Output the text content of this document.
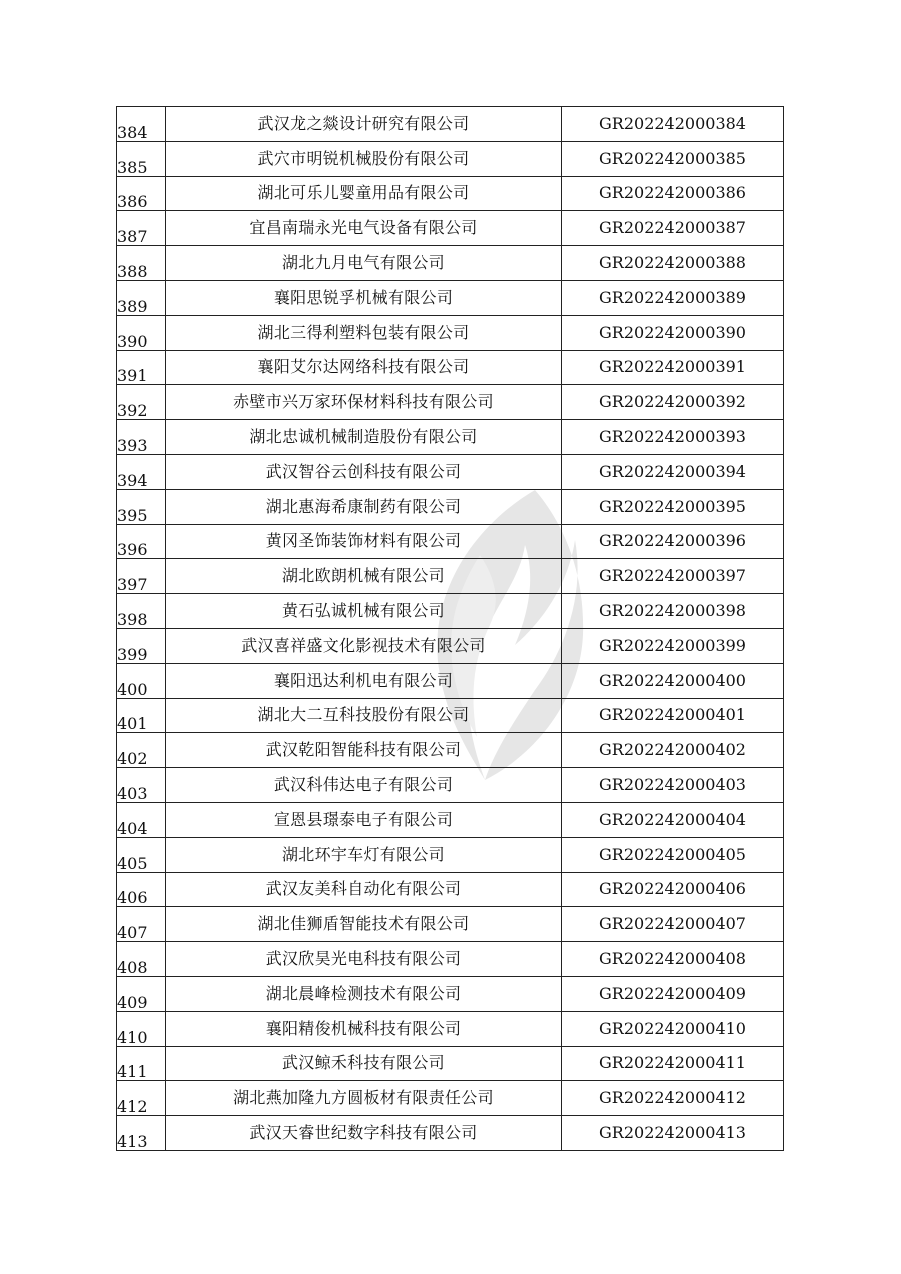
384	武汉龙之燚设计研究有限公司	GR202242000384
385	武穴市明锐机械股份有限公司	GR202242000385
386	湖北可乐儿婴童用品有限公司	GR202242000386
387	宜昌南瑞永光电气设备有限公司	GR202242000387
388	湖北九月电气有限公司	GR202242000388
389	襄阳思锐孚机械有限公司	GR202242000389
390	湖北三得利塑料包装有限公司	GR202242000390
391	襄阳艾尔达网络科技有限公司	GR202242000391
392	赤壁市兴万家环保材料科技有限公司	GR202242000392
393	湖北忠诚机械制造股份有限公司	GR202242000393
394	武汉智谷云创科技有限公司	GR202242000394
395	湖北惠海希康制药有限公司	GR202242000395
396	黄冈圣饰装饰材料有限公司	GR202242000396
397	湖北欧朗机械有限公司	GR202242000397
398	黄石弘诚机械有限公司	GR202242000398
399	武汉喜祥盛文化影视技术有限公司	GR202242000399
400	襄阳迅达利机电有限公司	GR202242000400
401	湖北大二互科技股份有限公司	GR202242000401
402	武汉乾阳智能科技有限公司	GR202242000402
403	武汉科伟达电子有限公司	GR202242000403
404	宣恩县璟泰电子有限公司	GR202242000404
405	湖北环宇车灯有限公司	GR202242000405
406	武汉友美科自动化有限公司	GR202242000406
407	湖北佳狮盾智能技术有限公司	GR202242000407
408	武汉欣昊光电科技有限公司	GR202242000408
409	湖北晨峰检测技术有限公司	GR202242000409
410	襄阳精俊机械科技有限公司	GR202242000410
411	武汉鲸禾科技有限公司	GR202242000411
412	湖北燕加隆九方圆板材有限责任公司	GR202242000412
413	武汉天睿世纪数字科技有限公司	GR202242000413
